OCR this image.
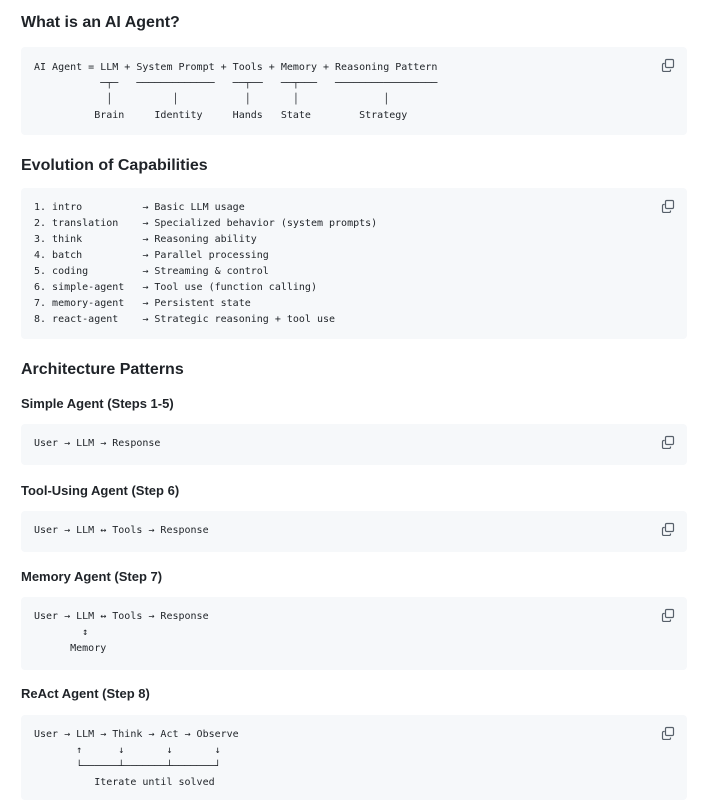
What is an AI Agent?
AI Agent = LLM + System Prompt + Tools + Memory + Reasoning Pattern
─┬─   ─────────────   ──┬──   ──┬───   ─────────────────
│          │           │       │              │
Brain     Identity     Hands   State        Strategy
Evolution of Capabilities
1. intro          → Basic LLM usage
2. translation    → Specialized behavior (system prompts)
3. think          → Reasoning ability
4. batch          → Parallel processing
5. coding         → Streaming & control
6. simple-agent   → Tool use (function calling)
7. memory-agent   → Persistent state
8. react-agent    → Strategic reasoning + tool use
Architecture Patterns
Simple Agent (Steps 1-5)
User → LLM → Response
Tool-Using Agent (Step 6)
User → LLM ↔ Tools → Response
Memory Agent (Step 7)
User → LLM ↔ Tools → Response
↕
Memory
ReAct Agent (Step 8)
User → LLM → Think → Act → Observe
↑      ↓       ↓       ↓
└──────┴───────┴───────┘
Iterate until solved
